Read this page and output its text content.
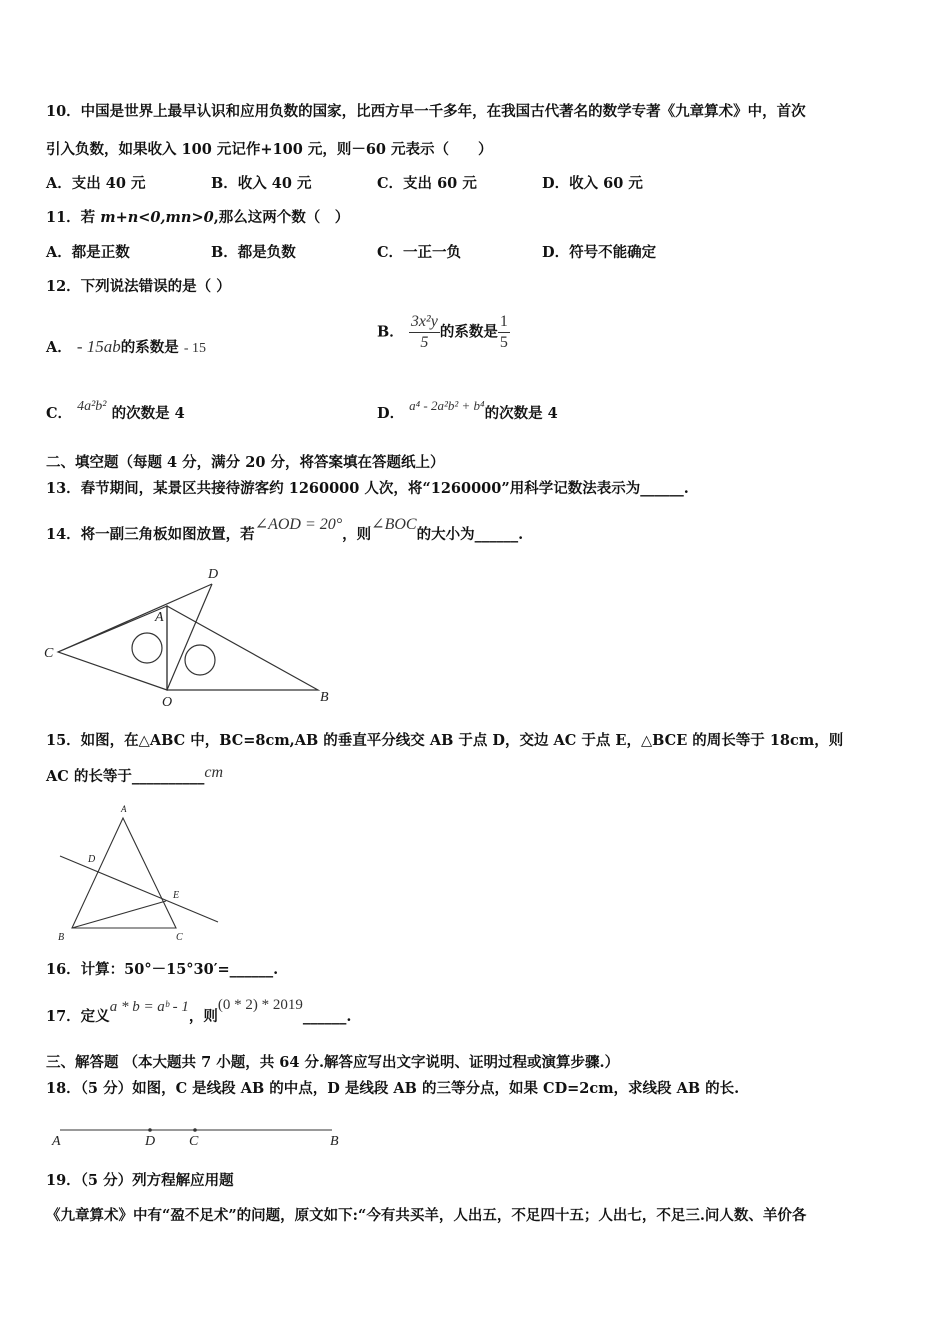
10．中国是世界上最早认识和应用负数的国家，比西方早一千多年，在我国古代著名的数学专著《九章算术》中，首次
引入负数，如果收入 100 元记作+100 元，则－60 元表示（　　）
A．支出 40 元	B．收入 40 元	C．支出 60 元	D．收入 60 元
11．若 m+n<0,mn>0,那么这两个数（　）
A．都是正数	B．都是负数	C．一正一负	D．符号不能确定
12．下列说法错误的是（ ）
A． - 15ab的系数是 - 15
B． $\frac{\text{3x²y}}{5}$ 的系数是 $\frac{1}{5}$
C． 4a²b² 的次数是 4	D． a⁴ - 2a²b² + b⁴的次数是 4
二、填空题（每题 4 分，满分 20 分，将答案填在答题纸上）
13．春节期间，某景区共接待游客约 1260000 人次，将“1260000”用科学记数法表示为______.
14．将一副三角板如图放置，若∠AOD = 20°，则∠BOC的大小为______.
D
A
C
O	B
A
D
E
B	C
A	D C	B
15．如图，在△ABC 中，BC=8cm,AB 的垂直平分线交 AB 于点 D，交边 AC 于点 E，△BCE 的周长等于 18cm，则
AC 的长等于__________cm
16．计算：50°－15°30′=______.
17．定义a * b = aᵇ - 1，则(0 * 2) * 2019______.
三、解答题 （本大题共 7 小题，共 64 分.解答应写出文字说明、证明过程或演算步骤.）
18．（5 分）如图，C 是线段 AB 的中点，D 是线段 AB 的三等分点，如果 CD=2cm，求线段 AB 的长.
19．（5 分）列方程解应用题
《九章算术》中有“盈不足术”的问题，原文如下:“今有共买羊，人出五，不足四十五；人出七，不足三.问人数、羊价各
